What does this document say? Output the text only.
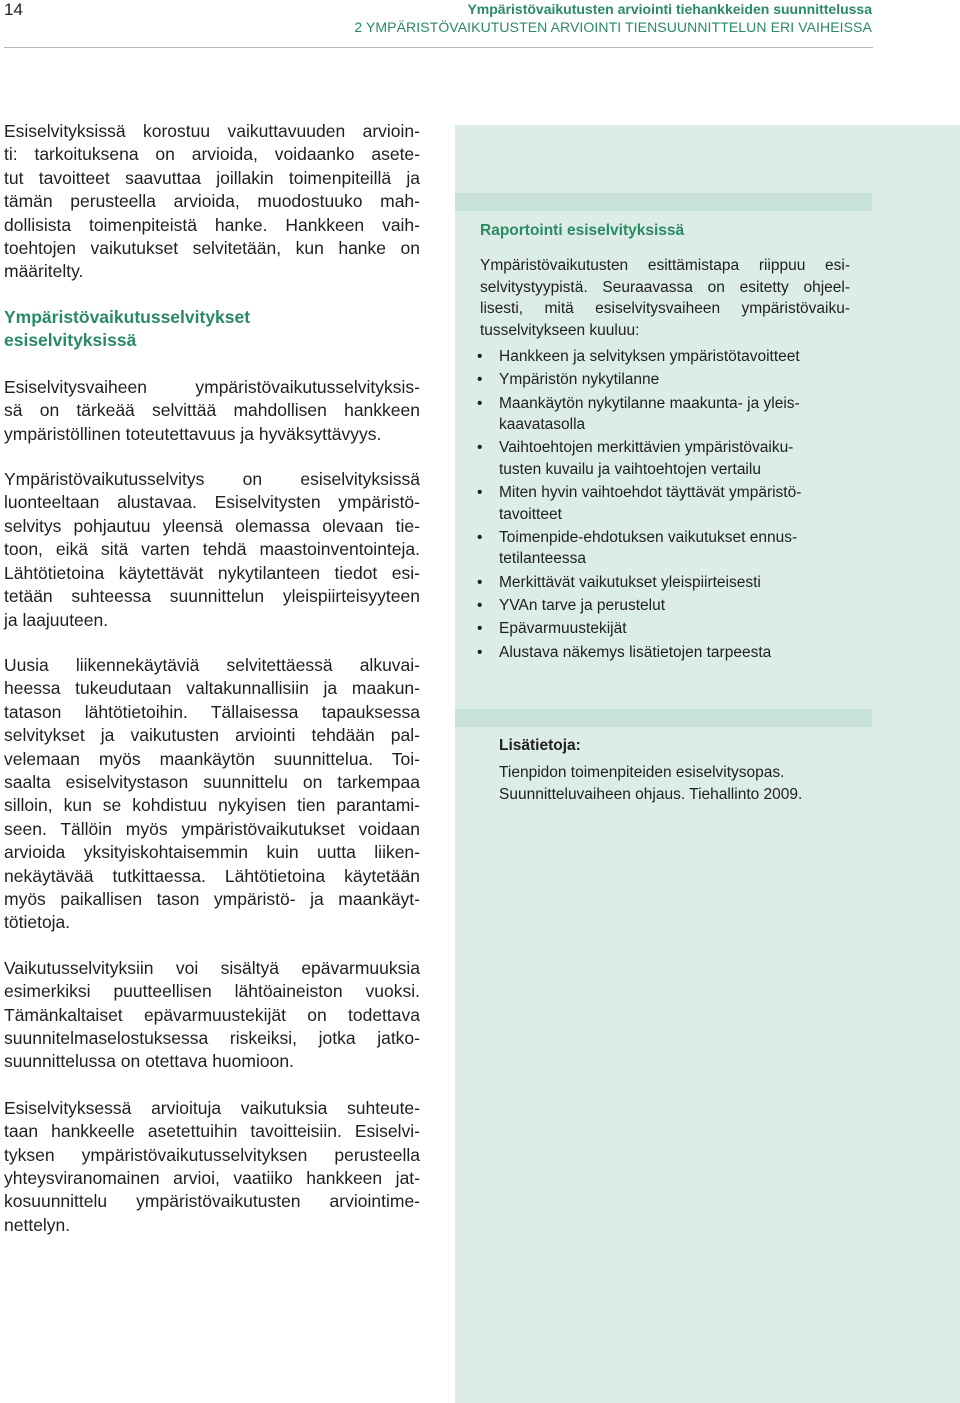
14	Ympäristövaikutusten arviointi tiehankkeiden suunnittelussa
2 YMPÄRISTÖVAIKUTUSTEN ARVIOINTI TIENSUUNNITTELUN ERI VAIHEISSA

Esiselvityksissä korostuu vaikuttavuuden arvioin-
ti: tarkoituksena on arvioida, voidaanko asete-
tut tavoitteet saavuttaa joillakin toimenpiteillä ja
tämän perusteella arvioida, muodostuuko mah-
dollisista toimenpiteistä hanke. Hankkeen vaih-
toehtojen vaikutukset selvitetään, kun hanke on
määritelty.

Ympäristövaikutusselvitykset
esiselvityksissä

Esiselvitysvaiheen ympäristövaikutusselvityksis-
sä on tärkeää selvittää mahdollisen hankkeen
ympäristöllinen toteutettavuus ja hyväksyttävyys.

Ympäristövaikutusselvitys on esiselvityksissä
luonteeltaan alustavaa. Esiselvitysten ympäristö-
selvitys pohjautuu yleensä olemassa olevaan tie-
toon, eikä sitä varten tehdä maastoinventointeja.
Lähtötietoina käytettävät nykytilanteen tiedot esi-
tetään suhteessa suunnittelun yleispiirteisyyteen
ja laajuuteen.

Uusia liikennekäytäviä selvitettäessä alkuvai-
heessa tukeudutaan valtakunnallisiin ja maakun-
tatason lähtötietoihin. Tällaisessa tapauksessa
selvitykset ja vaikutusten arviointi tehdään pal-
velemaan myös maankäytön suunnittelua. Toi-
saalta esiselvitystason suunnittelu on tarkempaa
silloin, kun se kohdistuu nykyisen tien parantami-
seen. Tällöin myös ympäristövaikutukset voidaan
arvioida yksityiskohtaisemmin kuin uutta liiken-
nekäytävää tutkittaessa. Lähtötietoina käytetään
myös paikallisen tason ympäristö- ja maankäyt-
tötietoja.

Vaikutusselvityksiin voi sisältyä epävarmuuksia
esimerkiksi puutteellisen lähtöaineiston vuoksi.
Tämänkaltaiset epävarmuustekijät on todettava
suunnitelmaselostuksessa riskeiksi, jotka jatko-
suunnittelussa on otettava huomioon.

Esiselvityksessä arvioituja vaikutuksia suhteute-
taan hankkeelle asetettuihin tavoitteisiin. Esiselvi-
tyksen ympäristövaikutusselvityksen perusteella
yhteysviranomainen arvioi, vaatiiko hankkeen jat-
kosuunnittelu ympäristövaikutusten arviointime-
nettelyn.

Raportointi esiselvityksissä
Ympäristövaikutusten esittämistapa riippuu esi-
selvitystyypistä. Seuraavassa on esitetty ohjeel-
lisesti, mitä esiselvitysvaiheen ympäristövaiku-
tusselvitykseen kuuluu:
• Hankkeen ja selvityksen ympäristötavoitteet
• Ympäristön nykytilanne
• Maankäytön nykytilanne maakunta- ja yleis-
kaavatasolla
• Vaihtoehtojen merkittävien ympäristövaiku-
tusten kuvailu ja vaihtoehtojen vertailu
• Miten hyvin vaihtoehdot täyttävät ympäristö-
tavoitteet
• Toimenpide-ehdotuksen vaikutukset ennus-
tetilanteessa
• Merkittävät vaikutukset yleispiirteisesti
• YVAn tarve ja perustelut
• Epävarmuustekijät
• Alustava näkemys lisätietojen tarpeesta
Lisätietoja:
Tienpidon toimenpiteiden esiselvitysopas.
Suunnitteluvaiheen ohjaus. Tiehallinto 2009.
